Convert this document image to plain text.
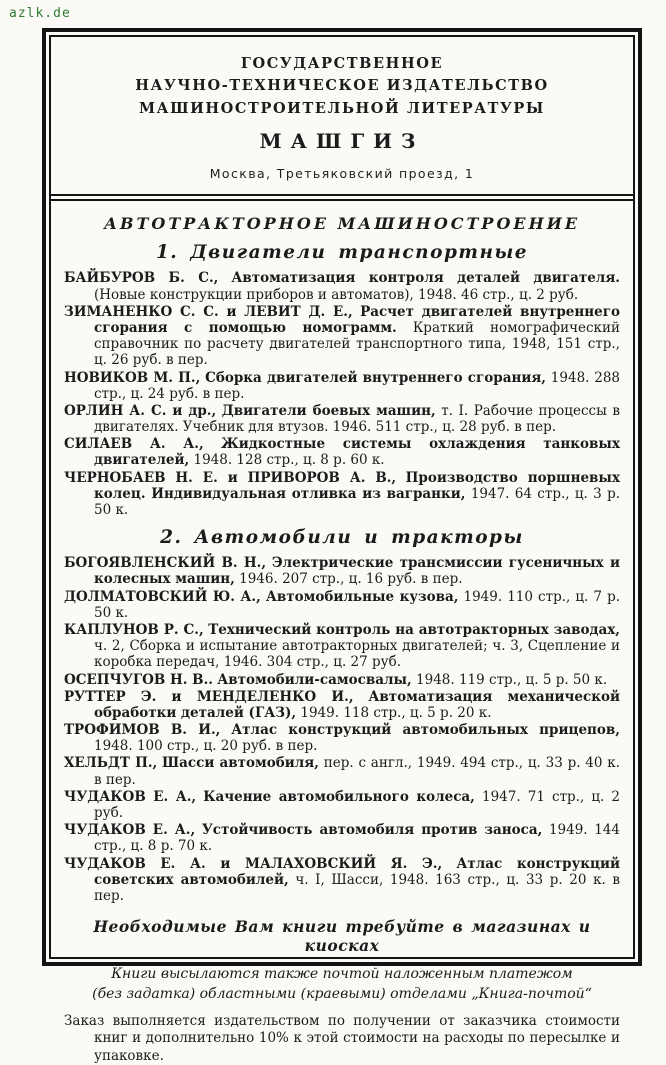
azlk.de
ГОСУДАРСТВЕННОЕ
НАУЧНО-ТЕХНИЧЕСКОЕ ИЗДАТЕЛЬСТВО
МАШИНОСТРОИТЕЛЬНОЙ ЛИТЕРАТУРЫ
МАШГИЗ
Москва, Третьяковский проезд, 1
АВТОТРАКТОРНОЕ МАШИНОСТРОЕНИЕ
1. Двигатели транспортные

БАЙБУРОВ Б. С., Автоматизация контроля деталей двигателя. (Новые конструкции приборов и автоматов), 1948. 46 стр., ц. 2 руб.

ЗИМАНЕНКО С. С. и ЛЕВИТ Д. Е., Расчет двигателей внутреннего сгорания с помощью номограмм. Краткий номографический справочник по расчету двигателей транспортного типа, 1948, 151 стр., ц. 26 руб. в пер.

НОВИКОВ М. П., Сборка двигателей внутреннего сгорания, 1948. 288 стр., ц. 24 руб. в пер.

ОРЛИН А. С. и др., Двигатели боевых машин, т. I. Рабочие процессы в двигателях. Учебник для втузов. 1946. 511 стр., ц. 28 руб. в пер.

СИЛАЕВ А. А., Жидкостные системы охлаждения танковых двигателей, 1948. 128 стр., ц. 8 р. 60 к.

ЧЕРНОБАЕВ Н. Е. и ПРИВОРОВ А. В., Производство поршневых колец. Индивидуальная отливка из вагранки, 1947. 64 стр., ц. 3 р. 50 к.

2. Автомобили и тракторы

БОГОЯВЛЕНСКИЙ В. Н., Электрические трансмиссии гусеничных и колесных машин, 1946. 207 стр., ц. 16 руб. в пер.

ДОЛМАТОВСКИЙ Ю. А., Автомобильные кузова, 1949. 110 стр., ц. 7 р. 50 к.

КАПЛУНОВ Р. С., Технический контроль на автотракторных заводах, ч. 2, Сборка и испытание автотракторных двигателей; ч. 3, Сцепление и коробка передач, 1946. 304 стр., ц. 27 руб.

ОСЕПЧУГОВ Н. В.. Автомобили-самосвалы, 1948. 119 стр., ц. 5 р. 50 к.

РУТТЕР Э. и МЕНДЕЛЕНКО И., Автоматизация механической обработки деталей (ГАЗ), 1949. 118 стр., ц. 5 р. 20 к.

ТРОФИМОВ В. И., Атлас конструкций автомобильных прицепов, 1948. 100 стр., ц. 20 руб. в пер.

ХЕЛЬДТ П., Шасси автомобиля, пер. с англ., 1949. 494 стр., ц. 33 р. 40 к. в пер.

ЧУДАКОВ Е. А., Качение автомобильного колеса, 1947. 71 стр., ц. 2 руб.

ЧУДАКОВ Е. А., Устойчивость автомобиля против заноса, 1949. 144 стр., ц. 8 р. 70 к.

ЧУДАКОВ Е. А. и МАЛАХОВСКИЙ Я. Э., Атлас конструкций советских автомобилей, ч. I, Шасси, 1948. 163 стр., ц. 33 р. 20 к. в пер.

Необходимые Вам книги требуйте в магазинах и киосках
Книги высылаются также почтой наложенным платежом
(без задатка) областными (краевыми) отделами „Книга-почтой“
Заказ выполняется издательством по получении от заказчика стоимости книг и дополнительно 10% к этой стоимости на расходы по пересылке и упаковке.
